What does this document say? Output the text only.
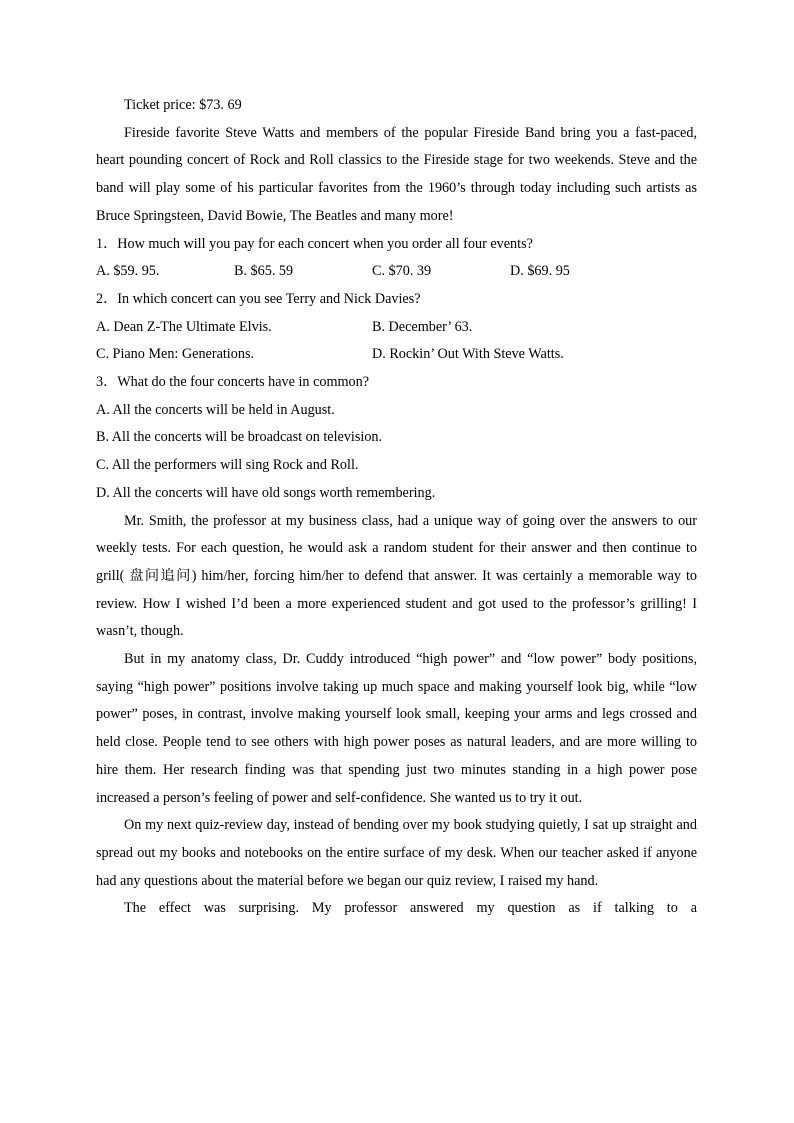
Ticket price: $73. 69

Fireside favorite Steve Watts and members of the popular Fireside Band bring you a fast-paced, heart pounding concert of Rock and Roll classics to the Fireside stage for two weekends. Steve and the band will play some of his particular favorites from the 1960’s through today including such artists as Bruce Springsteen, David Bowie, The Beatles and many more!

1．How much will you pay for each concert when you order all four events?

A. $59. 95.	B. $65. 59	C. $70. 39	D. $69. 95

2．In which concert can you see Terry and Nick Davies?

A. Dean Z-The Ultimate Elvis.	B. December’ 63.
C. Piano Men: Generations.	D. Rockin’ Out With Steve Watts.

3．What do the four concerts have in common?

A. All the concerts will be held in August.

B. All the concerts will be broadcast on television.

C. All the performers will sing Rock and Roll.

D. All the concerts will have old songs worth remembering.

Mr. Smith, the professor at my business class, had a unique way of going over the answers to our weekly tests. For each question, he would ask a random student for their answer and then continue to grill( 盘问追问) him/her, forcing him/her to defend that answer. It was certainly a memorable way to review. How I wished I’d been a more experienced student and got used to the professor’s grilling! I wasn’t, though.

But in my anatomy class, Dr. Cuddy introduced “high power” and “low power” body positions, saying “high power” positions involve taking up much space and making yourself look big, while “low power” poses, in contrast, involve making yourself look small, keeping your arms and legs crossed and held close. People tend to see others with high power poses as natural leaders, and are more willing to hire them. Her research finding was that spending just two minutes standing in a high power pose increased a person’s feeling of power and self-confidence. She wanted us to try it out.

On my next quiz-review day, instead of bending over my book studying quietly, I sat up straight and spread out my books and notebooks on the entire surface of my desk. When our teacher asked if anyone had any questions about the material before we began our quiz review, I raised my hand.

The effect was surprising. My professor answered my question as if talking to a
